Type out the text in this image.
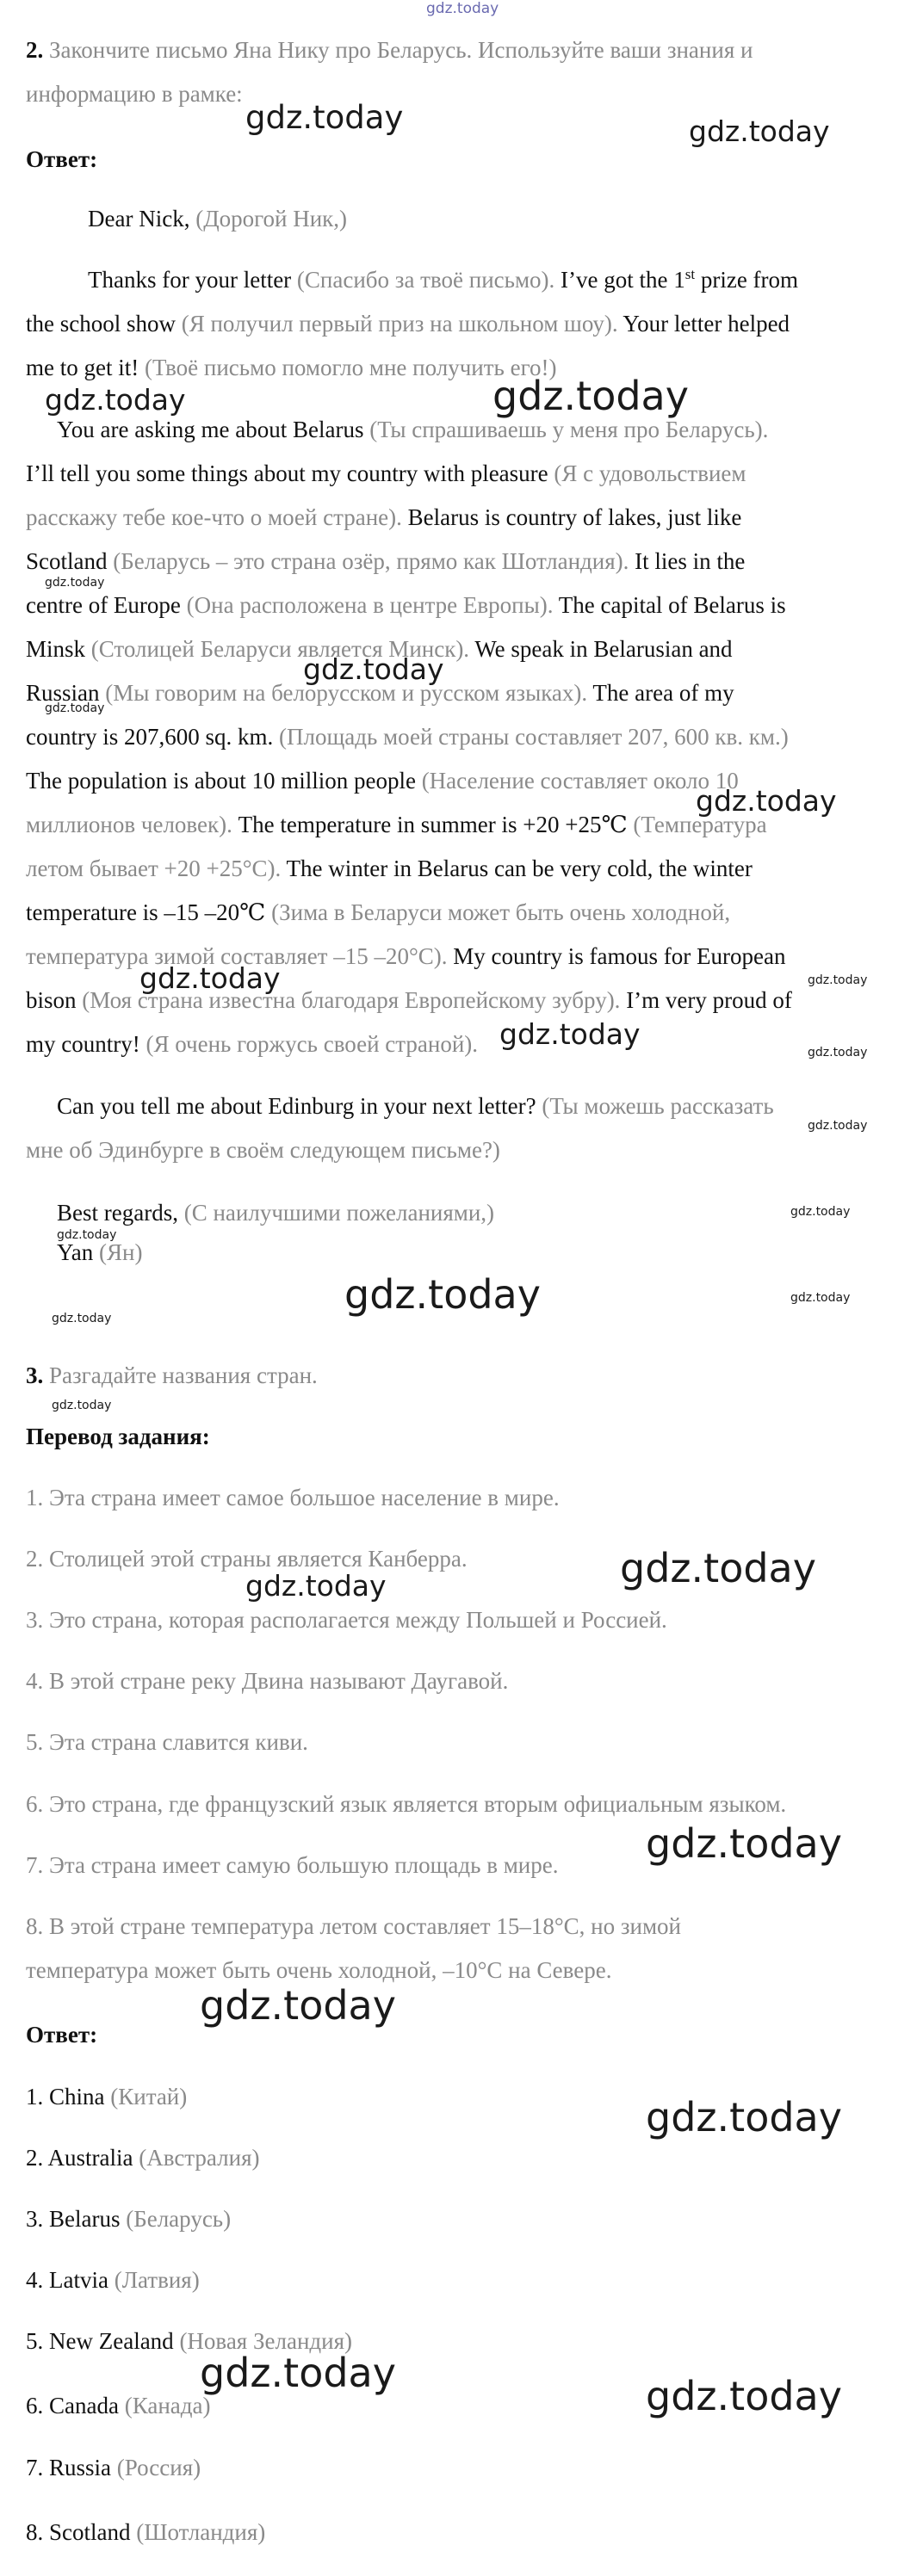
2. Закончите письмо Яна Нику про Беларусь. Используйте ваши знания и
информацию в рамке:
Ответ:
Dear Nick, (Дорогой Ник,)
Thanks for your letter (Спасибо за твоё письмо). I’ve got the 1st prize from
the school show (Я получил первый приз на школьном шоу). Your letter helped
me to get it! (Твоё письмо помогло мне получить его!)
You are asking me about Belarus (Ты спрашиваешь у меня про Беларусь).
I’ll tell you some things about my country with pleasure (Я с удовольствием
расскажу тебе кое-что о моей стране). Belarus is country of lakes, just like
Scotland (Беларусь – это страна озёр, прямо как Шотландия). It lies in the
centre of Europe (Она расположена в центре Европы). The capital of Belarus is
Minsk (Столицей Беларуси является Минск). We speak in Belarusian and
Russian (Мы говорим на белорусском и русском языках). The area of my
country is 207,600 sq. km. (Площадь моей страны составляет 207, 600 кв. км.)
The population is about 10 million people (Население составляет около 10
миллионов человек). The temperature in summer is +20 +25℃ (Температура
летом бывает +20 +25°C). The winter in Belarus can be very cold, the winter
temperature is –15 –20℃ (Зима в Беларуси может быть очень холодной,
температура зимой составляет –15 –20°C). My country is famous for European
bison (Моя страна известна благодаря Европейскому зубру). I’m very proud of
my country! (Я очень горжусь своей страной).
Can you tell me about Edinburg in your next letter? (Ты можешь рассказать
мне об Эдинбурге в своём следующем письме?)
Best regards, (С наилучшими пожеланиями,)
Yan (Ян)
3. Разгадайте названия стран.
Перевод задания:
1. Эта страна имеет самое большое население в мире.
2. Столицей этой страны является Канберра.
3. Это страна, которая располагается между Польшей и Россией.
4. В этой стране реку Двина называют Даугавой.
5. Эта страна славится киви.
6. Это страна, где французский язык является вторым официальным языком.
7. Эта страна имеет самую большую площадь в мире.
8. В этой стране температура летом составляет 15–18°C, но зимой
температура может быть очень холодной, –10°C на Севере.
Ответ:
1. China (Китай)
2. Australia (Австралия)
3. Belarus (Беларусь)
4. Latvia (Латвия)
5. New Zealand (Новая Зеландия)
6. Canada (Канада)
7. Russia (Россия)
8. Scotland (Шотландия)
gdz.today
gdz.today	gdz.today
gdz.today	gdz.today
gdz.today
gdz.today
gdz.today
gdz.today
gdz.today
gdz.today
gdz.today
gdz.today
gdz.today
gdz.today
gdz.today
gdz.today	gdz.today
gdz.today
gdz.today
gdz.today
gdz.today
gdz.today
gdz.today
gdz.today
gdz.today	gdz.today
